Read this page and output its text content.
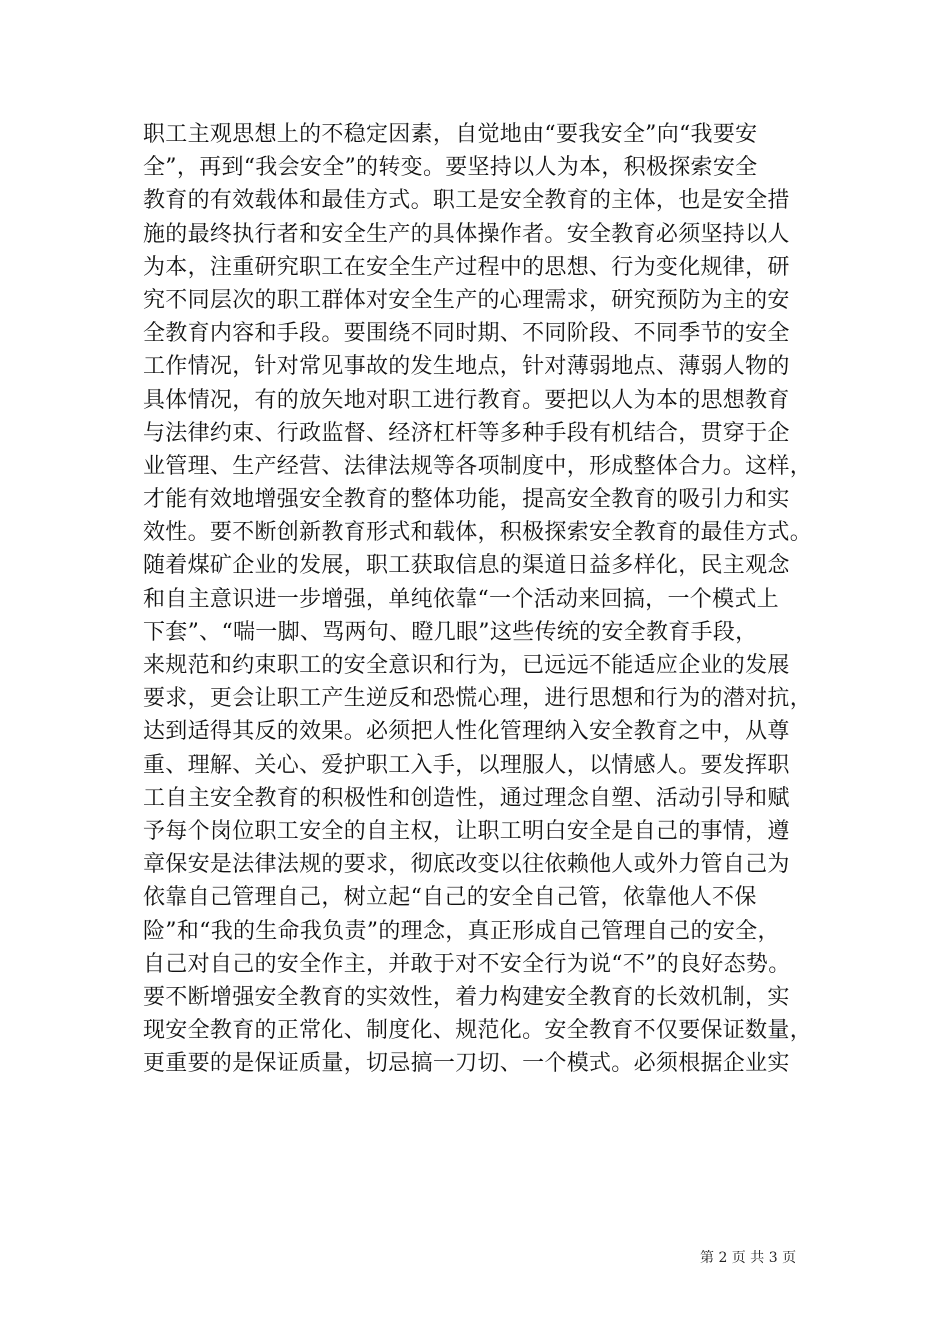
职工主观思想上的不稳定因素，自觉地由“要我安全”向“我要安
全”，再到“我会安全”的转变。要坚持以人为本，积极探索安全
教育的有效载体和最佳方式。职工是安全教育的主体，也是安全措
施的最终执行者和安全生产的具体操作者。安全教育必须坚持以人
为本，注重研究职工在安全生产过程中的思想、行为变化规律，研
究不同层次的职工群体对安全生产的心理需求，研究预防为主的安
全教育内容和手段。要围绕不同时期、不同阶段、不同季节的安全
工作情况，针对常见事故的发生地点，针对薄弱地点、薄弱人物的
具体情况，有的放矢地对职工进行教育。要把以人为本的思想教育
与法律约束、行政监督、经济杠杆等多种手段有机结合，贯穿于企
业管理、生产经营、法律法规等各项制度中，形成整体合力。这样，
才能有效地增强安全教育的整体功能，提高安全教育的吸引力和实
效性。要不断创新教育形式和载体，积极探索安全教育的最佳方式。
随着煤矿企业的发展，职工获取信息的渠道日益多样化，民主观念
和自主意识进一步增强，单纯依靠“一个活动来回搞，一个模式上
下套”、“喘一脚、骂两句、瞪几眼”这些传统的安全教育手段，
来规范和约束职工的安全意识和行为，已远远不能适应企业的发展
要求，更会让职工产生逆反和恐慌心理，进行思想和行为的潜对抗，
达到适得其反的效果。必须把人性化管理纳入安全教育之中，从尊
重、理解、关心、爱护职工入手，以理服人，以情感人。要发挥职
工自主安全教育的积极性和创造性，通过理念自塑、活动引导和赋
予每个岗位职工安全的自主权，让职工明白安全是自己的事情，遵
章保安是法律法规的要求，彻底改变以往依赖他人或外力管自己为
依靠自己管理自己，树立起“自己的安全自己管，依靠他人不保
险”和“我的生命我负责”的理念，真正形成自己管理自己的安全，
自己对自己的安全作主，并敢于对不安全行为说“不”的良好态势。
要不断增强安全教育的实效性，着力构建安全教育的长效机制，实
现安全教育的正常化、制度化、规范化。安全教育不仅要保证数量，
更重要的是保证质量，切忌搞一刀切、一个模式。必须根据企业实
第 2 页 共 3 页
